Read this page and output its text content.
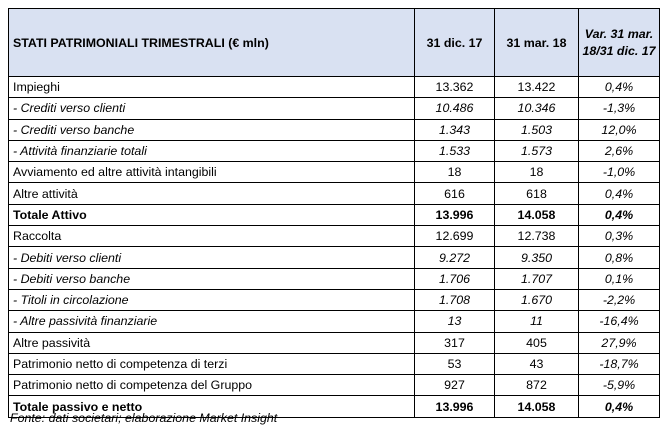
STATI PATRIMONIALI TRIMESTRALI (€ mln)	31 dic. 17	31 mar. 18	Var. 31 mar. 18/31 dic. 17
Impieghi	13.362	13.422	0,4%
- Crediti verso clienti	10.486	10.346	-1,3%
- Crediti verso banche	1.343	1.503	12,0%
- Attività finanziarie totali	1.533	1.573	2,6%
Avviamento ed altre attività intangibili	18	18	-1,0%
Altre attività	616	618	0,4%
Totale Attivo	13.996	14.058	0,4%
Raccolta	12.699	12.738	0,3%
- Debiti verso clienti	9.272	9.350	0,8%
- Debiti verso banche	1.706	1.707	0,1%
- Titoli in circolazione	1.708	1.670	-2,2%
- Altre passività finanziarie	13	11	-16,4%
Altre passività	317	405	27,9%
Patrimonio netto di competenza di terzi	53	43	-18,7%
Patrimonio netto di competenza del Gruppo	927	872	-5,9%
Totale passivo e netto	13.996	14.058	0,4%
Fonte: dati societari; elaborazione Market Insight
